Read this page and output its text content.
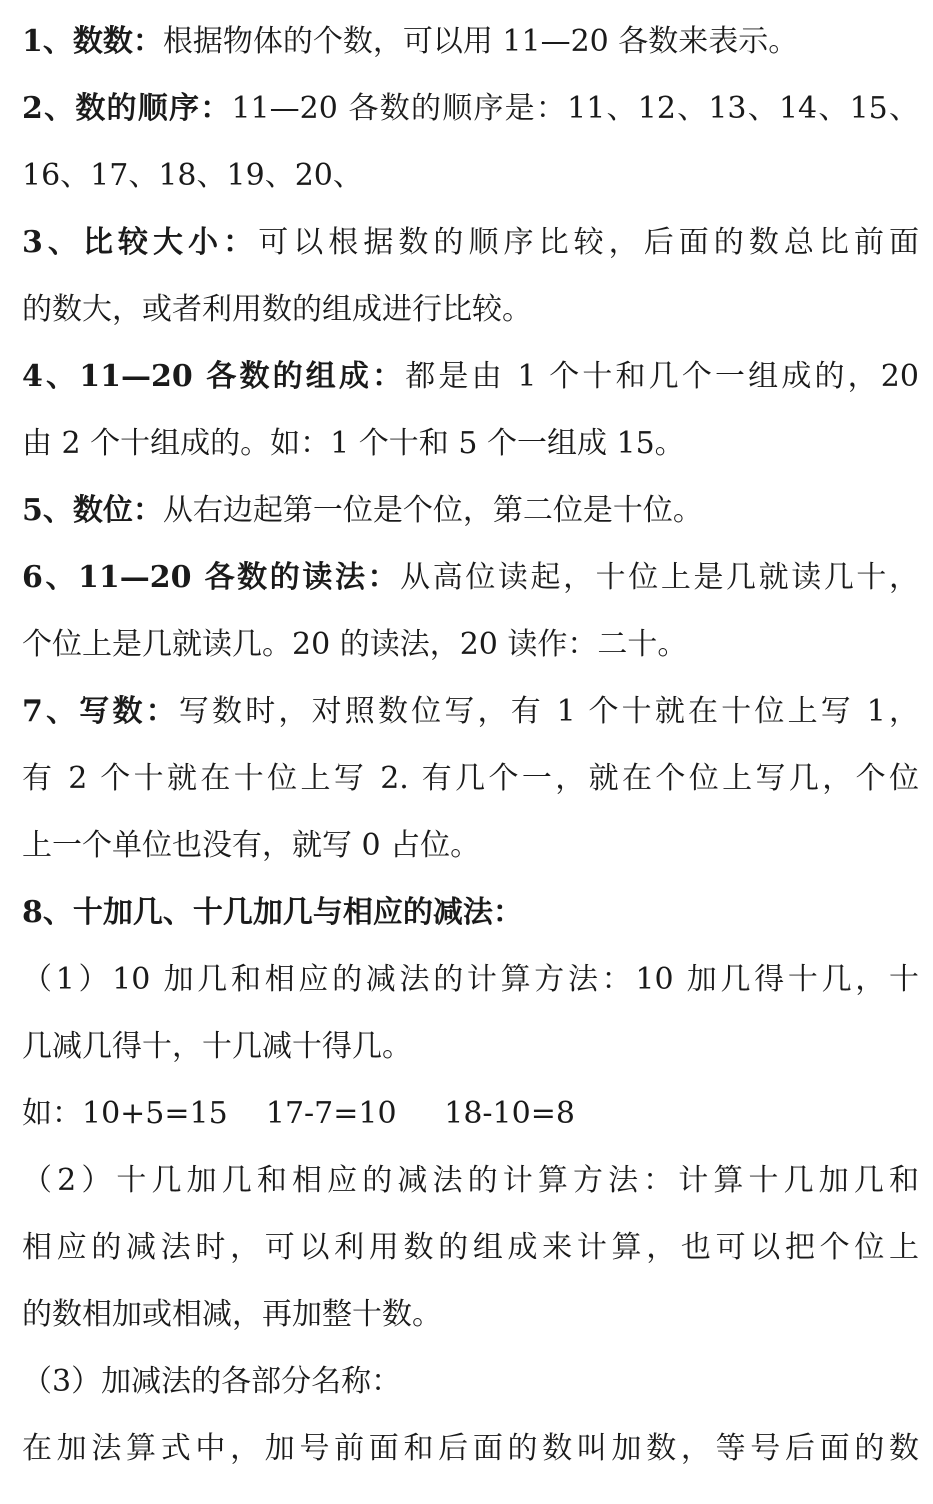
1、数数：根据物体的个数，可以用 11—20 各数来表示。
2、数的顺序：11—20 各数的顺序是：11、12、13、14、15、
16、17、18、19、20、
3、比较大小：可以根据数的顺序比较，后面的数总比前面
的数大，或者利用数的组成进行比较。
4、11—20 各数的组成：都是由 1 个十和几个一组成的，20
由 2 个十组成的。如：1 个十和 5 个一组成 15。
5、数位：从右边起第一位是个位，第二位是十位。
6、11—20 各数的读法：从高位读起，十位上是几就读几十，
个位上是几就读几。20 的读法，20 读作：二十。
7、写数：写数时，对照数位写，有 1 个十就在十位上写 1，
有 2 个十就在十位上写 2. 有几个一，就在个位上写几，个位
上一个单位也没有，就写 0 占位。
8、十加几、十几加几与相应的减法：
（1）10 加几和相应的减法的计算方法：10 加几得十几，十
几减几得十，十几减十得几。
如：10+5=15    17-7=10     18-10=8
（2）十几加几和相应的减法的计算方法：计算十几加几和
相应的减法时，可以利用数的组成来计算，也可以把个位上
的数相加或相减，再加整十数。
（3）加减法的各部分名称：
在加法算式中，加号前面和后面的数叫加数，等号后面的数
